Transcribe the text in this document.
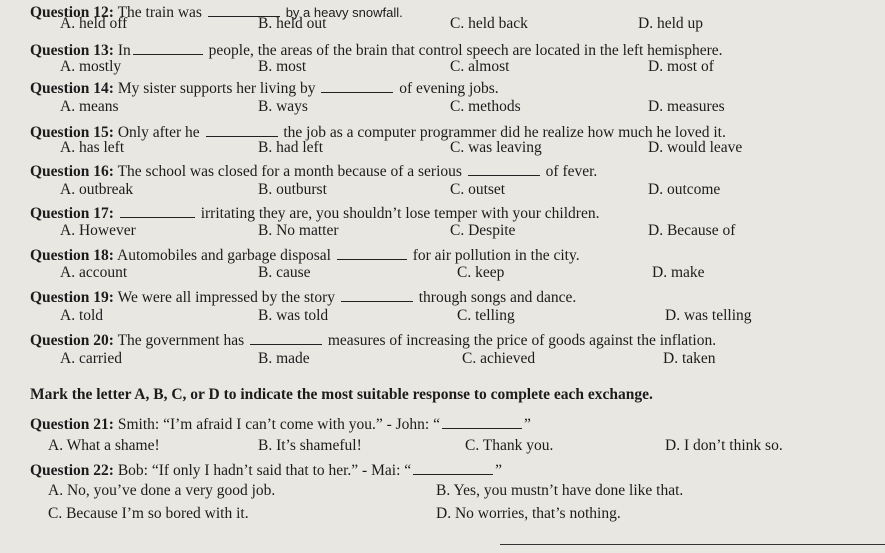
Question 12: The train was	by a heavy snowfall.
A. held off	B. held out	C. held back	D. held up
Question 13: In	people, the areas of the brain that control speech are located in the left hemisphere.
A. mostly	B. most	C. almost	D. most of
Question 14: My sister supports her living by	of evening jobs.
A. means	B. ways	C. methods	D. measures
Question 15: Only after he	the job as a computer programmer did he realize how much he loved it.
A. has left	B. had left	C. was leaving	D. would leave
Question 16: The school was closed for a month because of a serious	of fever.
A. outbreak	B. outburst	C. outset	D. outcome
Question 17:	irritating they are, you shouldn’t lose temper with your children.
A. However	B. No matter	C. Despite	D. Because of
Question 18: Automobiles and garbage disposal	for air pollution in the city.
A. account	B. cause	C. keep	D. make
Question 19: We were all impressed by the story	through songs and dance.
A. told	B. was told	C. telling	D. was telling
Question 20: The government has	measures of increasing the price of goods against the inflation.
A. carried	B. made	C. achieved	D. taken
Mark the letter A, B, C, or D to indicate the most suitable response to complete each exchange.
Question 21: Smith: “I’m afraid I can’t come with you.” - John: “	”
A. What a shame!	B. It’s shameful!	C. Thank you.	D. I don’t think so.
Question 22: Bob: “If only I hadn’t said that to her.” - Mai: “	”
A. No, you’ve done a very good job.	B. Yes, you mustn’t have done like that.
C. Because I’m so bored with it.	D. No worries, that’s nothing.
